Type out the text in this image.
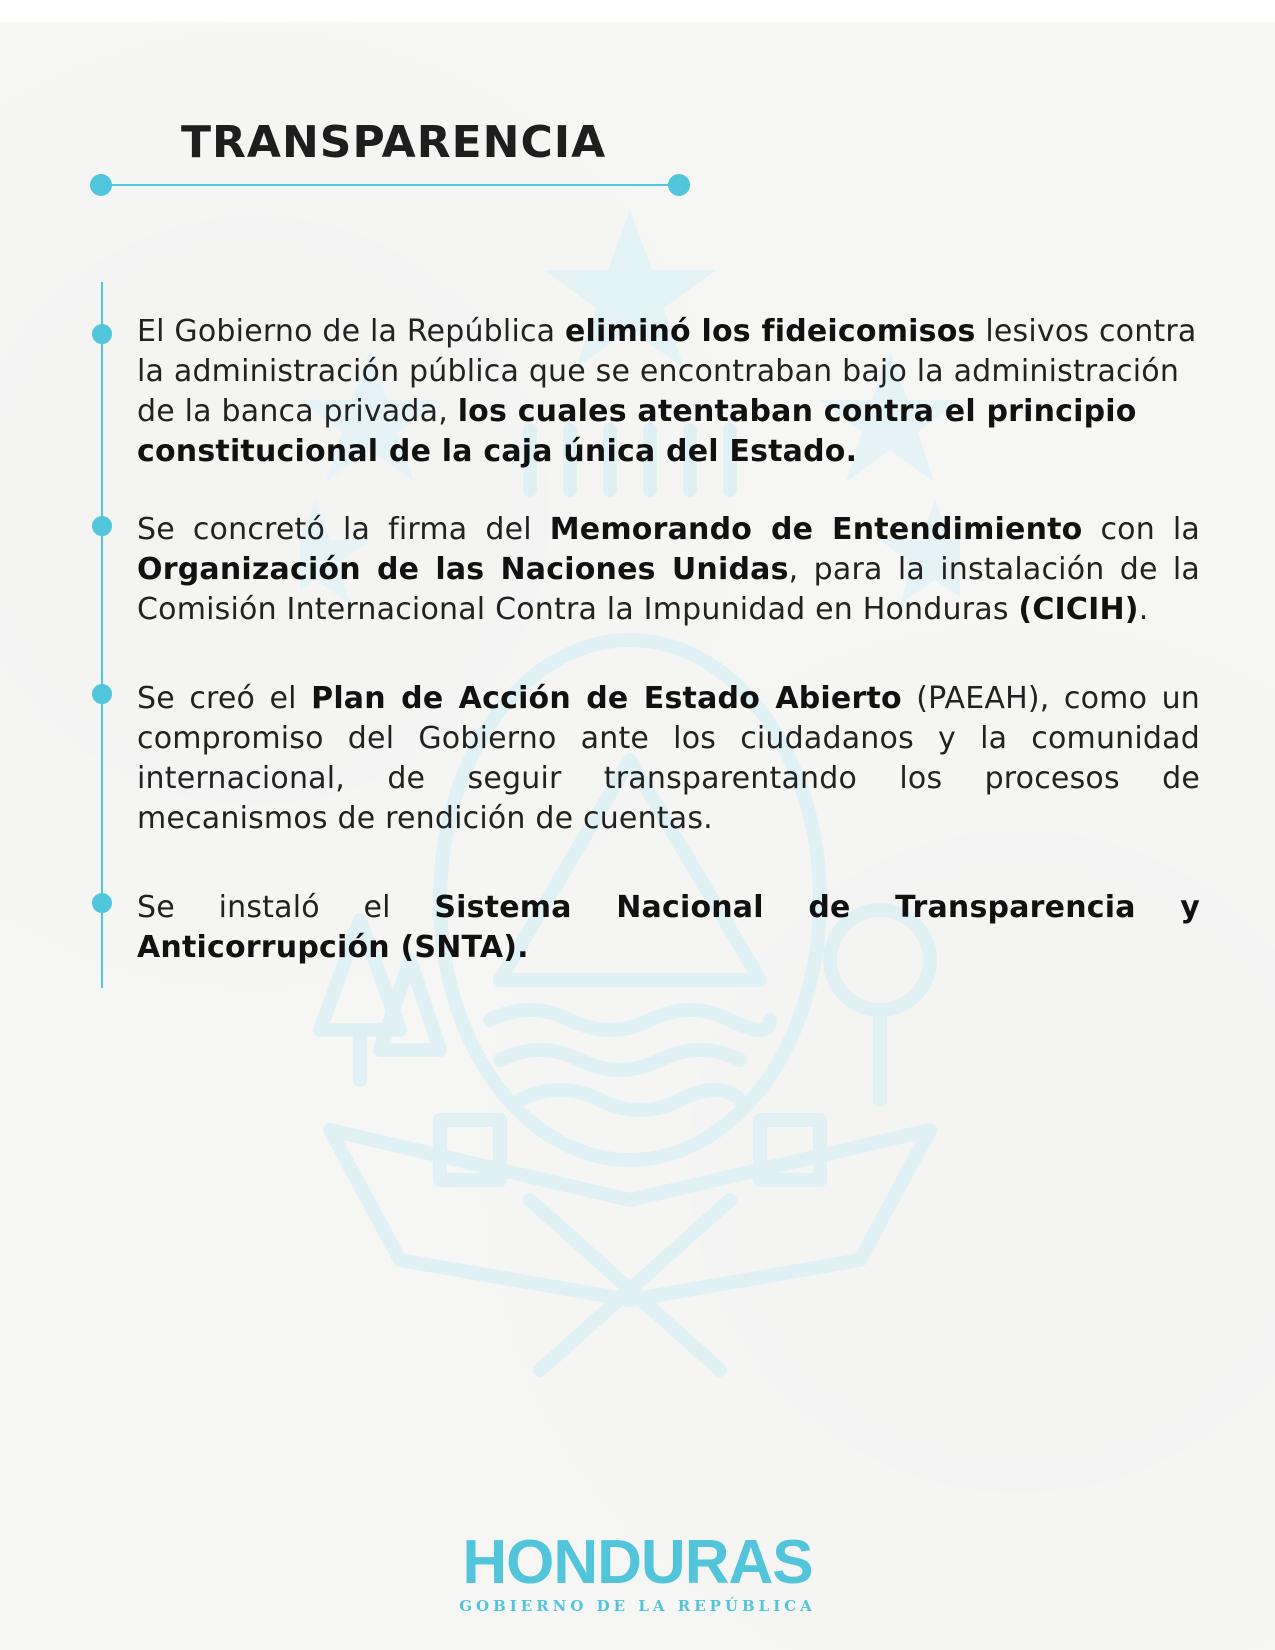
TRANSPARENCIA

El Gobierno de la República eliminó los fideicomisos lesivos contra la administración pública que se encontraban bajo la administración de la banca privada, los cuales atentaban contra el principio constitucional de la caja única del Estado.

Se concretó la firma del Memorando de Entendimiento con la Organización de las Naciones Unidas, para la instalación de la Comisión Internacional Contra la Impunidad en Honduras (CICIH).

Se creó el Plan de Acción de Estado Abierto (PAEAH), como un compromiso del Gobierno ante los ciudadanos y la comunidad internacional, de seguir transparentando los procesos de mecanismos de rendición de cuentas.

Se instaló el Sistema Nacional de Transparencia y Anticorrupción (SNTA).

HONDURAS
GOBIERNO DE LA REPÚBLICA
